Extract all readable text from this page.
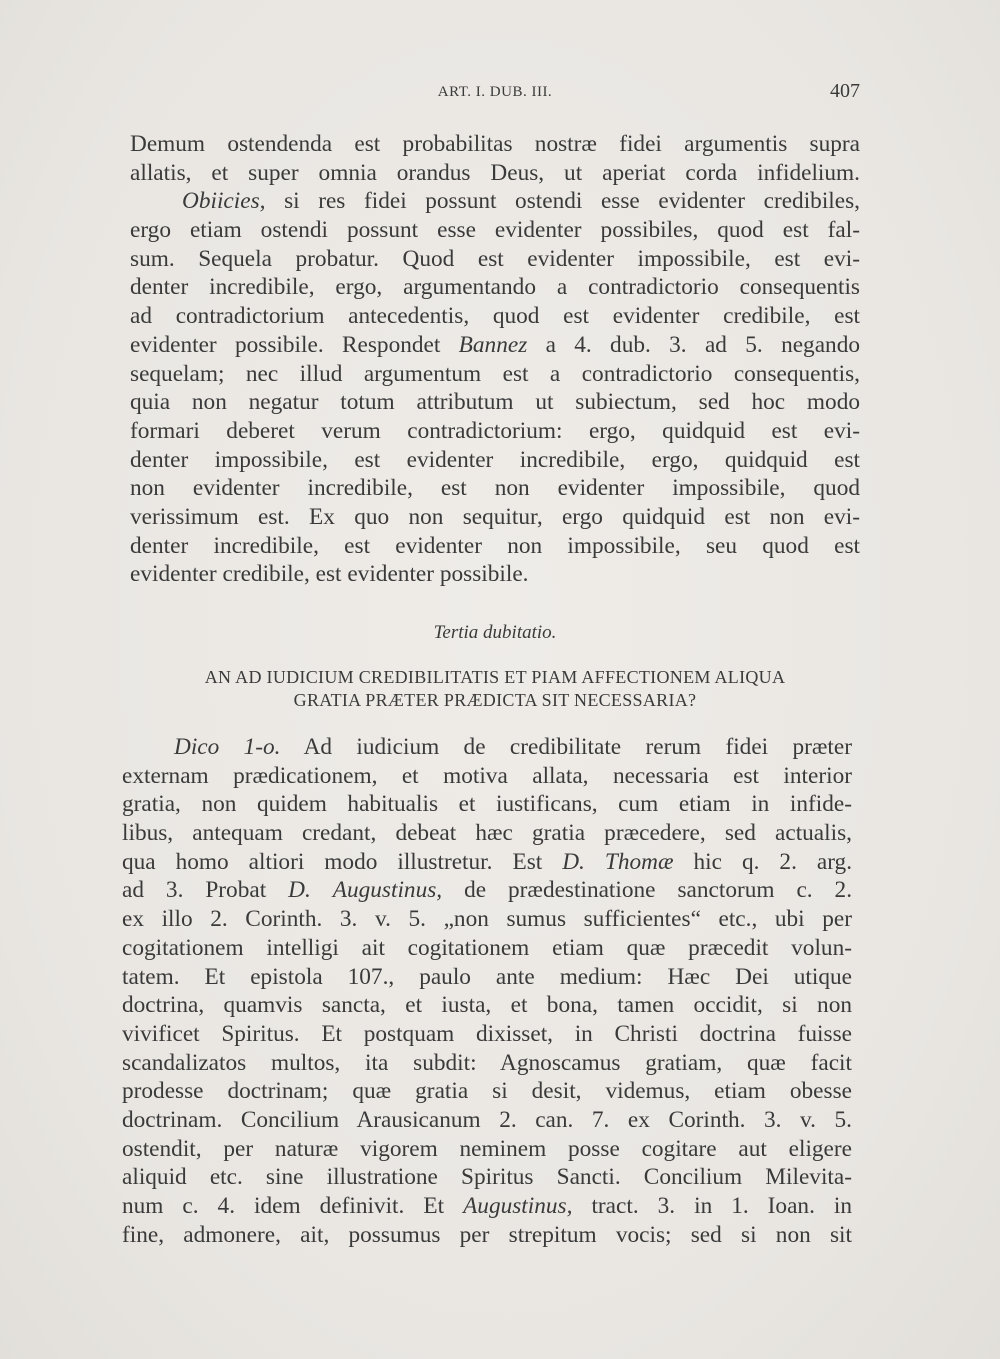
ART. I. DUB. III.	407
Demum ostendenda est probabilitas nostræ fidei argumentis supra
allatis, et super omnia orandus Deus, ut aperiat corda infidelium.
Obiicies, si res fidei possunt ostendi esse evidenter credibiles,
ergo etiam ostendi possunt esse evidenter possibiles, quod est fal-
sum. Sequela probatur. Quod est evidenter impossibile, est evi-
denter incredibile, ergo, argumentando a contradictorio consequentis
ad contradictorium antecedentis, quod est evidenter credibile, est
evidenter possibile. Respondet Bannez a 4. dub. 3. ad 5. negando
sequelam; nec illud argumentum est a contradictorio consequentis,
quia non negatur totum attributum ut subiectum, sed hoc modo
formari deberet verum contradictorium: ergo, quidquid est evi-
denter impossibile, est evidenter incredibile, ergo, quidquid est
non evidenter incredibile, est non evidenter impossibile, quod
verissimum est. Ex quo non sequitur, ergo quidquid est non evi-
denter incredibile, est evidenter non impossibile, seu quod est
evidenter credibile, est evidenter possibile.
Tertia dubitatio.
AN AD IUDICIUM CREDIBILITATIS ET PIAM AFFECTIONEM ALIQUA
GRATIA PRÆTER PRÆDICTA SIT NECESSARIA?
Dico 1-o. Ad iudicium de credibilitate rerum fidei præter
externam prædicationem, et motiva allata, necessaria est interior
gratia, non quidem habitualis et iustificans, cum etiam in infide-
libus, antequam credant, debeat hæc gratia præcedere, sed actualis,
qua homo altiori modo illustretur. Est D. Thomæ hic q. 2. arg.
ad 3. Probat D. Augustinus, de prædestinatione sanctorum c. 2.
ex illo 2. Corinth. 3. v. 5. „non sumus sufficientes“ etc., ubi per
cogitationem intelligi ait cogitationem etiam quæ præcedit volun-
tatem. Et epistola 107., paulo ante medium: Hæc Dei utique
doctrina, quamvis sancta, et iusta, et bona, tamen occidit, si non
vivificet Spiritus. Et postquam dixisset, in Christi doctrina fuisse
scandalizatos multos, ita subdit: Agnoscamus gratiam, quæ facit
prodesse doctrinam; quæ gratia si desit, videmus, etiam obesse
doctrinam. Concilium Arausicanum 2. can. 7. ex Corinth. 3. v. 5.
ostendit, per naturæ vigorem neminem posse cogitare aut eligere
aliquid etc. sine illustratione Spiritus Sancti. Concilium Milevita-
num c. 4. idem definivit. Et Augustinus, tract. 3. in 1. Ioan. in
fine, admonere, ait, possumus per strepitum vocis; sed si non sit
